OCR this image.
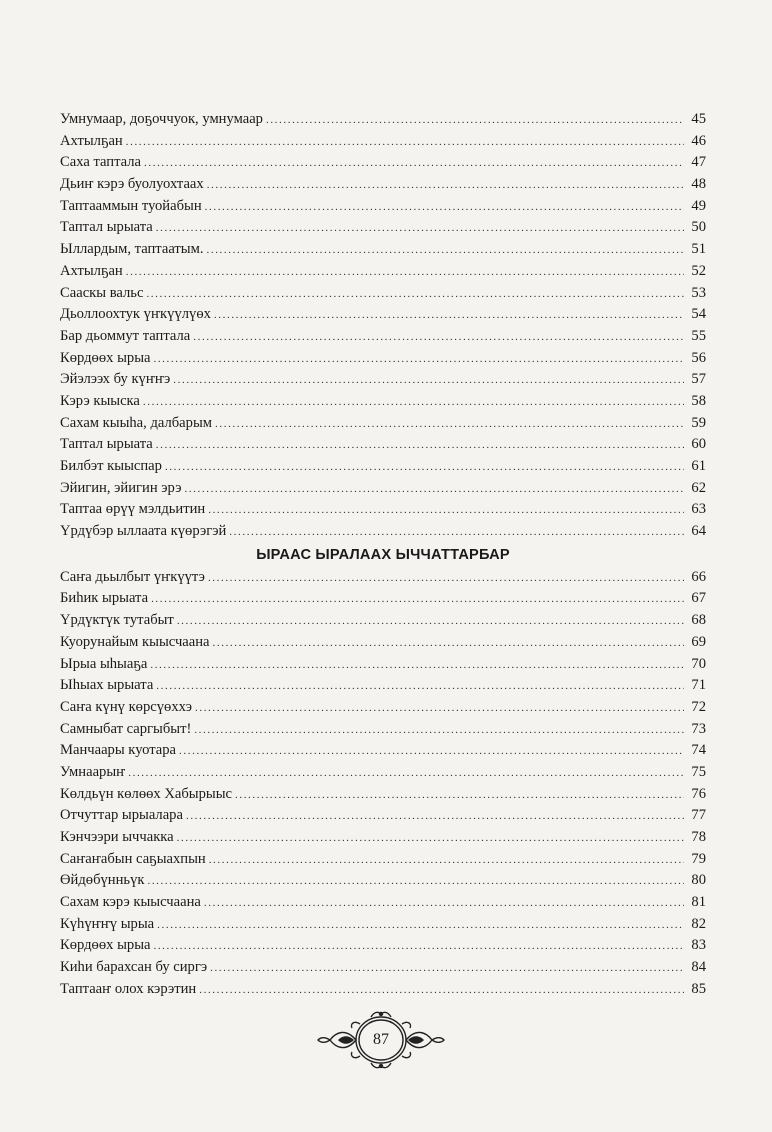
Умнумаар, доҕоччуок, умнумаар .....	45
Ахтылҕан .....	46
Саха таптала .....	47
Дьиҥ кэрэ буолуохтаах .....	48
Таптааммын туойабын .....	49
Таптал ырыата .....	50
Ыллардым, таптаатым. .....	51
Ахтылҕан .....	52
Сааскы вальс .....	53
Дьоллоохтук үҥкүүлүөх .....	54
Бар дьоммут таптала .....	55
Көрдөөх ырыа .....	56
Эйэлээх бу күҥҥэ .....	57
Кэрэ кыыска .....	58
Сахам кыыһа, далбарым .....	59
Таптал ырыата .....	60
Билбэт кыыспар .....	61
Эйигин, эйигин эрэ .....	62
Таптаа өрүү мэлдьитин .....	63
Үрдүбэр ыллаата күөрэгэй .....	64
ЫРААС ЫРАЛААХ ЫЧЧАТТАРБАР
Саҥа дьылбыт үҥкүүтэ .....	66
Биһик ырыата .....	67
Үрдүктүк тутабыт .....	68
Куорунайым кыысчаана .....	69
Ырыа ыһыаҕа .....	70
Ыһыах ырыата .....	71
Саҥа күнү көрсүөххэ .....	72
Самныбат саргыбыт! .....	73
Манчаары куотара .....	74
Умнаарыҥ .....	75
Көлдьүн көлөөх Хабырыыс .....	76
Отчуттар ырыалара .....	77
Кэнчээри ыччакка .....	78
Саҥаҥабын саҕыахпын .....	79
Өйдөбүнньүк .....	80
Сахам кэрэ кыысчаана .....	81
Күһүҥҥү ырыа .....	82
Көрдөөх ырыа .....	83
Киһи барахсан бу сиргэ .....	84
Таптааҥ олох кэрэтин .....	85
87
